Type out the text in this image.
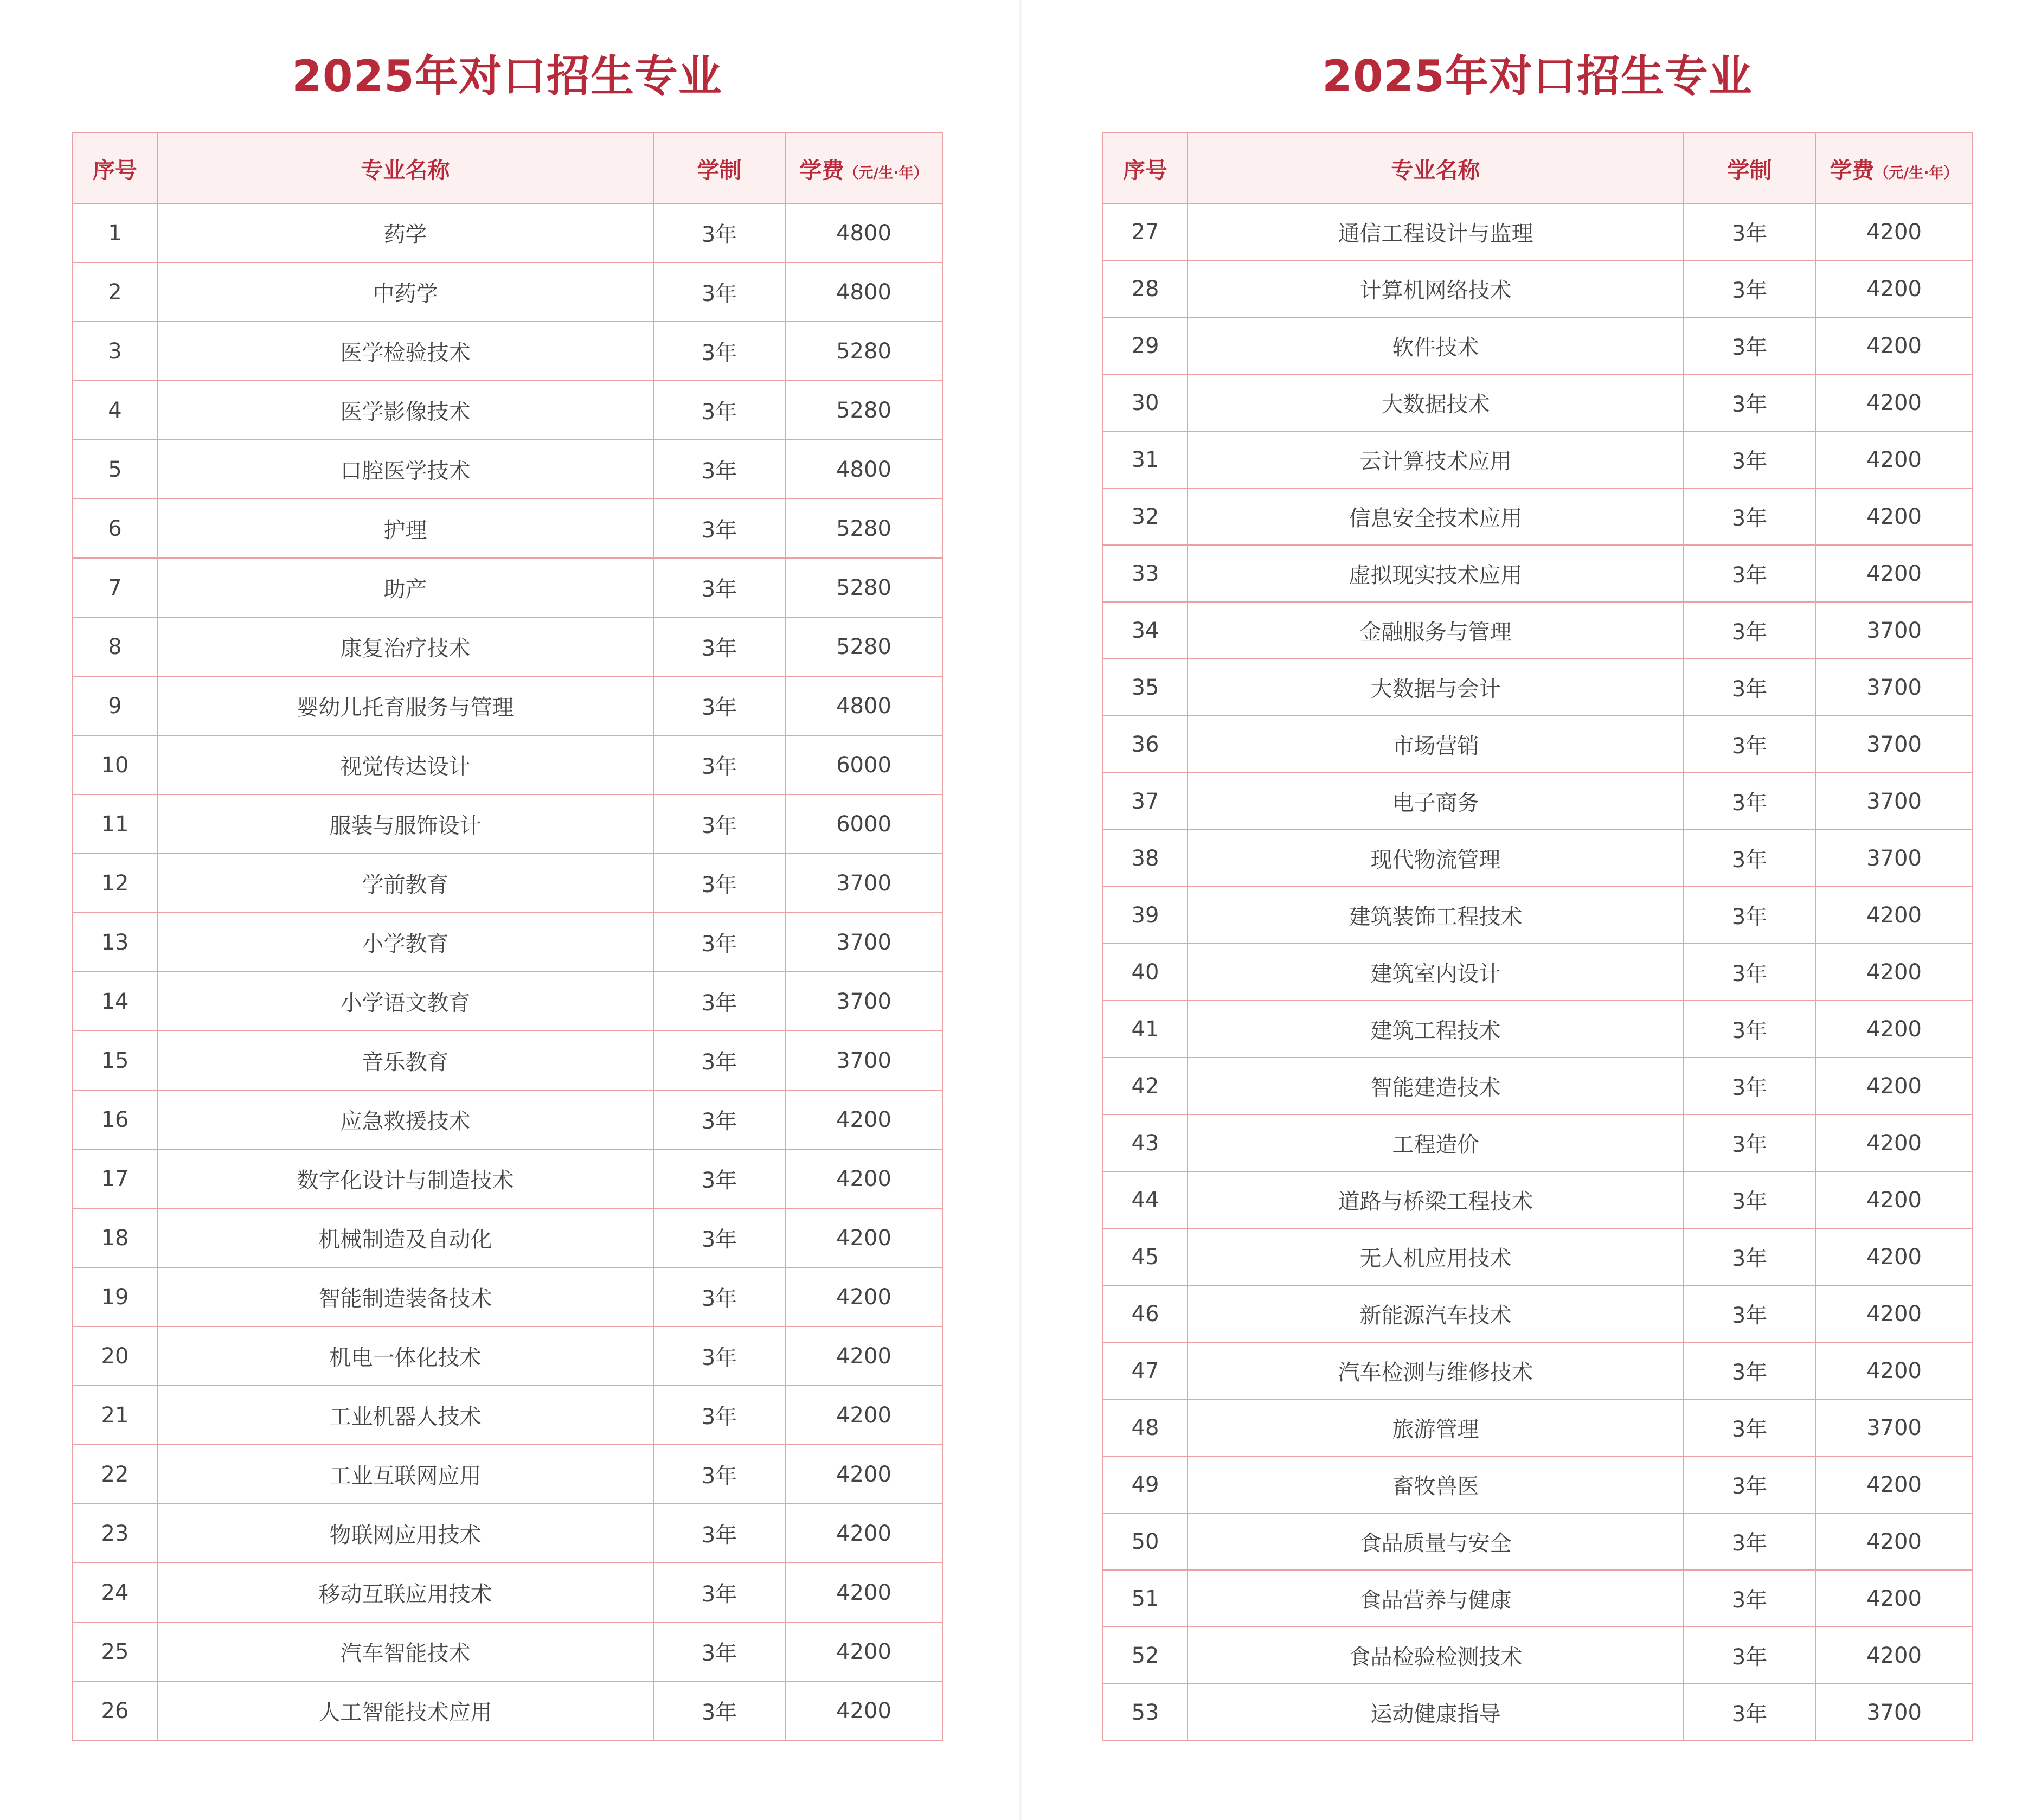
2025年对口招生专业
序号	专业名称	学制	学费（元/生·年）
1	药学	3年	4800
2	中药学	3年	4800
3	医学检验技术	3年	5280
4	医学影像技术	3年	5280
5	口腔医学技术	3年	4800
6	护理	3年	5280
7	助产	3年	5280
8	康复治疗技术	3年	5280
9	婴幼儿托育服务与管理	3年	4800
10	视觉传达设计	3年	6000
11	服装与服饰设计	3年	6000
12	学前教育	3年	3700
13	小学教育	3年	3700
14	小学语文教育	3年	3700
15	音乐教育	3年	3700
16	应急救援技术	3年	4200
17	数字化设计与制造技术	3年	4200
18	机械制造及自动化	3年	4200
19	智能制造装备技术	3年	4200
20	机电一体化技术	3年	4200
21	工业机器人技术	3年	4200
22	工业互联网应用	3年	4200
23	物联网应用技术	3年	4200
24	移动互联应用技术	3年	4200
25	汽车智能技术	3年	4200
26	人工智能技术应用	3年	4200
2025年对口招生专业
序号	专业名称	学制	学费（元/生·年）
27	通信工程设计与监理	3年	4200
28	计算机网络技术	3年	4200
29	软件技术	3年	4200
30	大数据技术	3年	4200
31	云计算技术应用	3年	4200
32	信息安全技术应用	3年	4200
33	虚拟现实技术应用	3年	4200
34	金融服务与管理	3年	3700
35	大数据与会计	3年	3700
36	市场营销	3年	3700
37	电子商务	3年	3700
38	现代物流管理	3年	3700
39	建筑装饰工程技术	3年	4200
40	建筑室内设计	3年	4200
41	建筑工程技术	3年	4200
42	智能建造技术	3年	4200
43	工程造价	3年	4200
44	道路与桥梁工程技术	3年	4200
45	无人机应用技术	3年	4200
46	新能源汽车技术	3年	4200
47	汽车检测与维修技术	3年	4200
48	旅游管理	3年	3700
49	畜牧兽医	3年	4200
50	食品质量与安全	3年	4200
51	食品营养与健康	3年	4200
52	食品检验检测技术	3年	4200
53	运动健康指导	3年	3700
